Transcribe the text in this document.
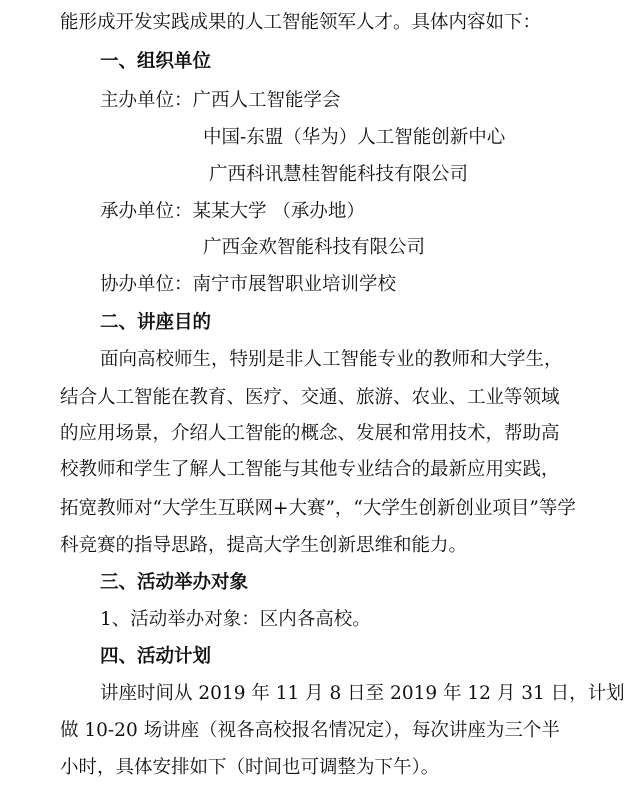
能形成开发实践成果的人工智能领军人才。具体内容如下：
一、组织单位
主办单位：广西人工智能学会
中国-东盟（华为）人工智能创新中心
广西科讯慧桂智能科技有限公司
承办单位：某某大学 （承办地）
广西金欢智能科技有限公司
协办单位：南宁市展智职业培训学校
二、讲座目的
面向高校师生，特别是非人工智能专业的教师和大学生，
结合人工智能在教育、医疗、交通、旅游、农业、工业等领域
的应用场景，介绍人工智能的概念、发展和常用技术，帮助高
校教师和学生了解人工智能与其他专业结合的最新应用实践，
拓宽教师对“大学生互联网+大赛”，“大学生创新创业项目”等学
科竞赛的指导思路，提高大学生创新思维和能力。
三、活动举办对象
1、活动举办对象：区内各高校。
四、活动计划
讲座时间从 2019 年 11 月 8 日至 2019 年 12 月 31 日，计划
做 10-20 场讲座（视各高校报名情况定），每次讲座为三个半
小时，具体安排如下（时间也可调整为下午）。
